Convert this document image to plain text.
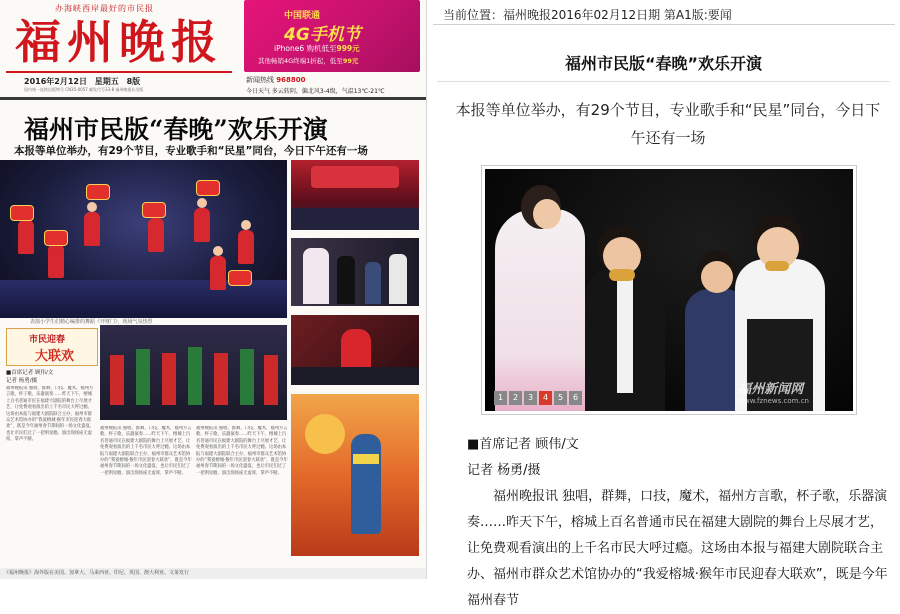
办海峡西岸最好的市民报
福州晚报
2016年2月12日 星期五 8版
国内统一连续出版物号 CN35-0057 邮发代号33-8 福州晚报社出版
中国联通
4G手机节
iPhone6 购机低至999元
其他畅销4G终端1折起，低至99元
新闻热线 968800
今日天气 多云转阴，偏北风3-4级，气温13℃-21℃
福州市民版“春晚”欢乐开演
本报等单位举办，有29个节目，专业歌手和“民星”同台，今日下午还有一场
表演小学生们精心编排的舞蹈《开财门》，现场气氛热烈
市民迎春
大联欢
■首席记者 顾伟/文
记者 杨勇/摄
福州晚报讯 独唱，群舞，口技，魔术，福州方言歌，杯子歌，乐器演奏……昨天下午，榕城上百名普通市民在福建大剧院的舞台上尽展才艺，让免费观看演出的上千名市民大呼过瘾。这场由本报与福建大剧院联合主办、福州市群众艺术馆协办的“我爱榕城·猴年市民迎春大联欢”，既是今年福州春节期间的一场文化盛宴，也让市民们过了一把明星瘾。演出现场座无虚席，掌声不断。
福州晚报讯 独唱，群舞，口技，魔术，福州方言歌，杯子歌，乐器演奏……昨天下午，榕城上百名普通市民在福建大剧院的舞台上尽展才艺，让免费观看演出的上千名市民大呼过瘾。这场由本报与福建大剧院联合主办、福州市群众艺术馆协办的“我爱榕城·猴年市民迎春大联欢”，既是今年福州春节期间的一场文化盛宴，也让市民们过了一把明星瘾。演出现场座无虚席，掌声不断。
福州晚报讯 独唱，群舞，口技，魔术，福州方言歌，杯子歌，乐器演奏……昨天下午，榕城上百名普通市民在福建大剧院的舞台上尽展才艺，让免费观看演出的上千名市民大呼过瘾。这场由本报与福建大剧院联合主办、福州市群众艺术馆协办的“我爱榕城·猴年市民迎春大联欢”，既是今年福州春节期间的一场文化盛宴，也让市民们过了一把明星瘾。演出现场座无虚席，掌声不断。
《福州晚报》海外版在美国、加拿大、马来西亚、印尼、英国、澳大利亚、文莱发行
当前位置：福州晚报2016年02月12日期 第A1版:要闻
福州市民版“春晚”欢乐开演
本报等单位举办，有29个节目，专业歌手和“民星”同台，今日下午还有一场
福州新闻网
www.fznews.com.cn
1	2	3	4	5	6
■首席记者 顾伟/文
记者 杨勇/摄
福州晚报讯 独唱，群舞，口技，魔术，福州方言歌，杯子歌，乐器演奏……昨天下午，榕城上百名普通市民在福建大剧院的舞台上尽展才艺，让免费观看演出的上千名市民大呼过瘾。这场由本报与福建大剧院联合主办、福州市群众艺术馆协办的“我爱榕城·猴年市民迎春大联欢”，既是今年福州春节
